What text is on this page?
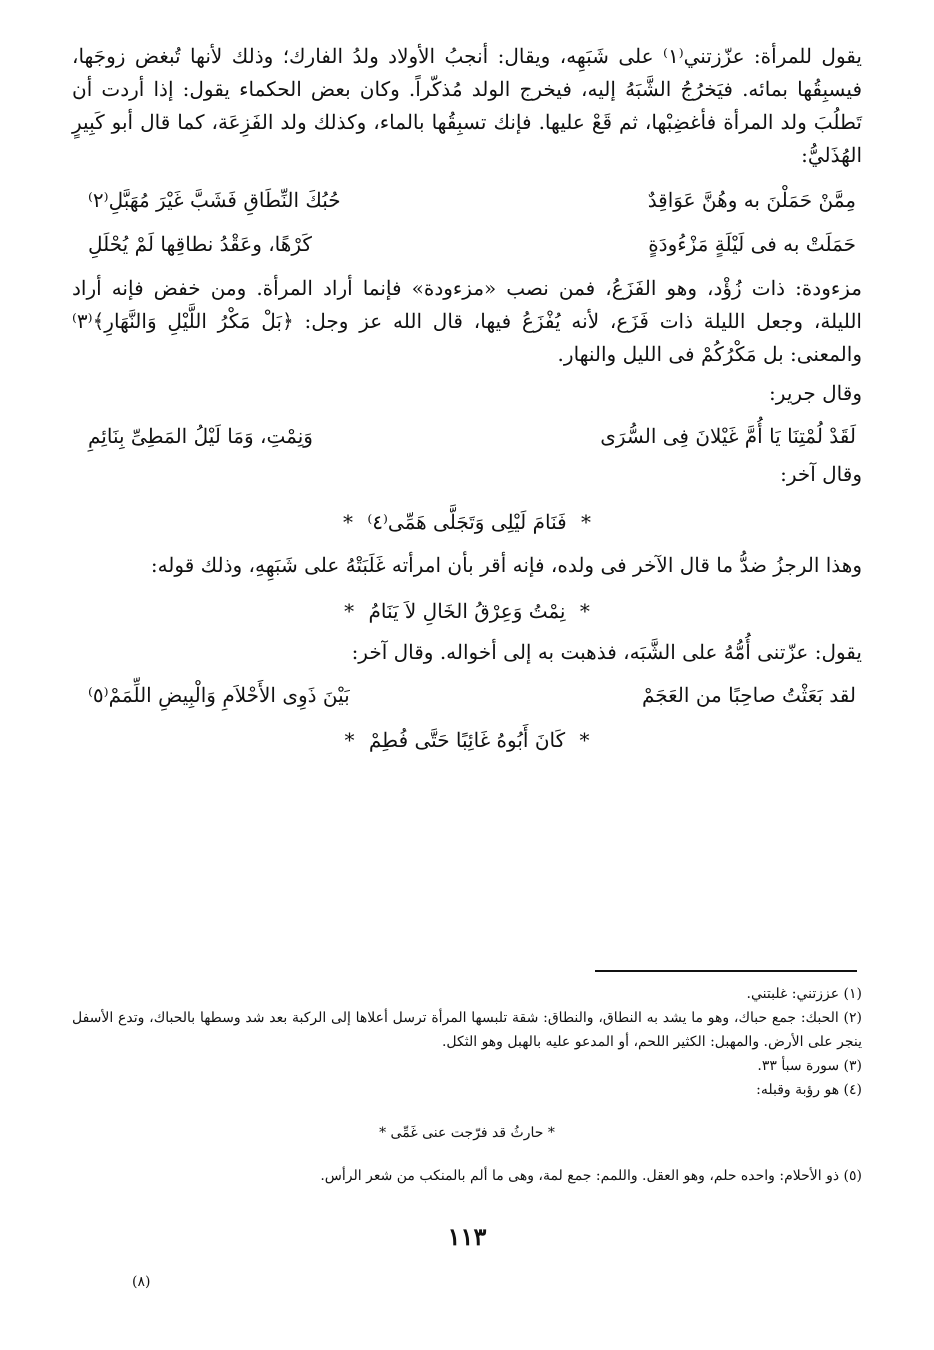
يقول للمرأة: عزّزتني⁽١⁾ على شَبَهِه، ويقال: أنجبُ الأولاد ولدُ الفارك؛ وذلك لأنها تُبغض زوجَها، فيسبِقُها بمائه. فيَخرُجُ الشَّبَهُ إليه، فيخرج الولد مُذكّراً. وكان بعض الحكماء يقول: إذا أردت أن تَطلُبَ ولد المرأة فأغضِبْها، ثم قَعْ عليها. فإنك تسبِقُها بالماء، وكذلك ولد الفَزِعَة، كما قال أبو كَبِيرٍ الهُذَليُّ:

مِمَّنْ حَمَلْنَ به وهُنَّ عَوَاقِدٌ
حُبُكَ النِّطَاقِ فَشَبَّ غَيْرَ مُهَبَّلِ⁽٢⁾
حَمَلَتْ به فى لَيْلَةٍ مَزْءُودَةٍ
كَرْهًا، وعَقْدُ نطاقِها لَمْ يُحْلَلِ

مزءودة: ذات زُؤْد، وهو الفَزَعُ، فمن نصب «مزءودة» فإنما أراد المرأة. ومن خفض فإنه أراد الليلة، وجعل الليلة ذات فَزَع، لأنه يُفْزَعُ فيها، قال الله عز وجل: ﴿بَلْ مَكْرُ اللَّيْلِ وَالنَّهَارِ﴾⁽٣⁾ والمعنى: بل مَكْرُكُمْ فى الليل والنهار.

وقال جرير:

لَقَدْ لُمْتِنَا يَا أُمَّ غَيْلانَ فِى السُّرَى
وَنِمْتِ، وَمَا لَيْلُ المَطِىِّ بِنَائِمِ

وقال آخر:

* فَنَامَ لَيْلِى وَتَجَلَّى هَمِّى⁽٤⁾ *

وهذا الرجزُ ضدُّ ما قال الآخر فى ولده، فإنه أقر بأن امرأته غَلَبَتْهُ على شَبَهِهِ، وذلك قوله:

* نِمْتُ وَعِرْقُ الخَالِ لاَ يَنَامُ *

يقول: عزّتنى أُمُّهُ على الشَّبَه، فذهبت به إلى أخواله. وقال آخر:

لقد بَعَثْتُ صاحِبًا من العَجَمْ
بَيْنَ ذَوِى الأَحْلاَمِ وَالْبِيضِ اللِّمَمْ⁽٥⁾
* كَانَ أَبُوهُ غَائِبًا حَتَّى فُطِمْ *

(١) عززتني: غلبتني.

(٢) الحبك: جمع حباك، وهو ما يشد به النطاق، والنطاق: شقة تلبسها المرأة ترسل أعلاها إلى الركبة بعد شد وسطها بالحباك، وتدع الأسفل ينجر على الأرض. والمهبل: الكثير اللحم، أو المدعو عليه بالهبل وهو الثكل.

(٣) سورة سبأ ٣٣.

(٤) هو رؤبة وقبله:

* حارثُ قد فرّجت عنى غَمِّى *

(٥) ذو الأحلام: واحده حلم، وهو العقل. واللمم: جمع لمة، وهى ما ألم بالمنكب من شعر الرأس.

١١٣
(٨)
